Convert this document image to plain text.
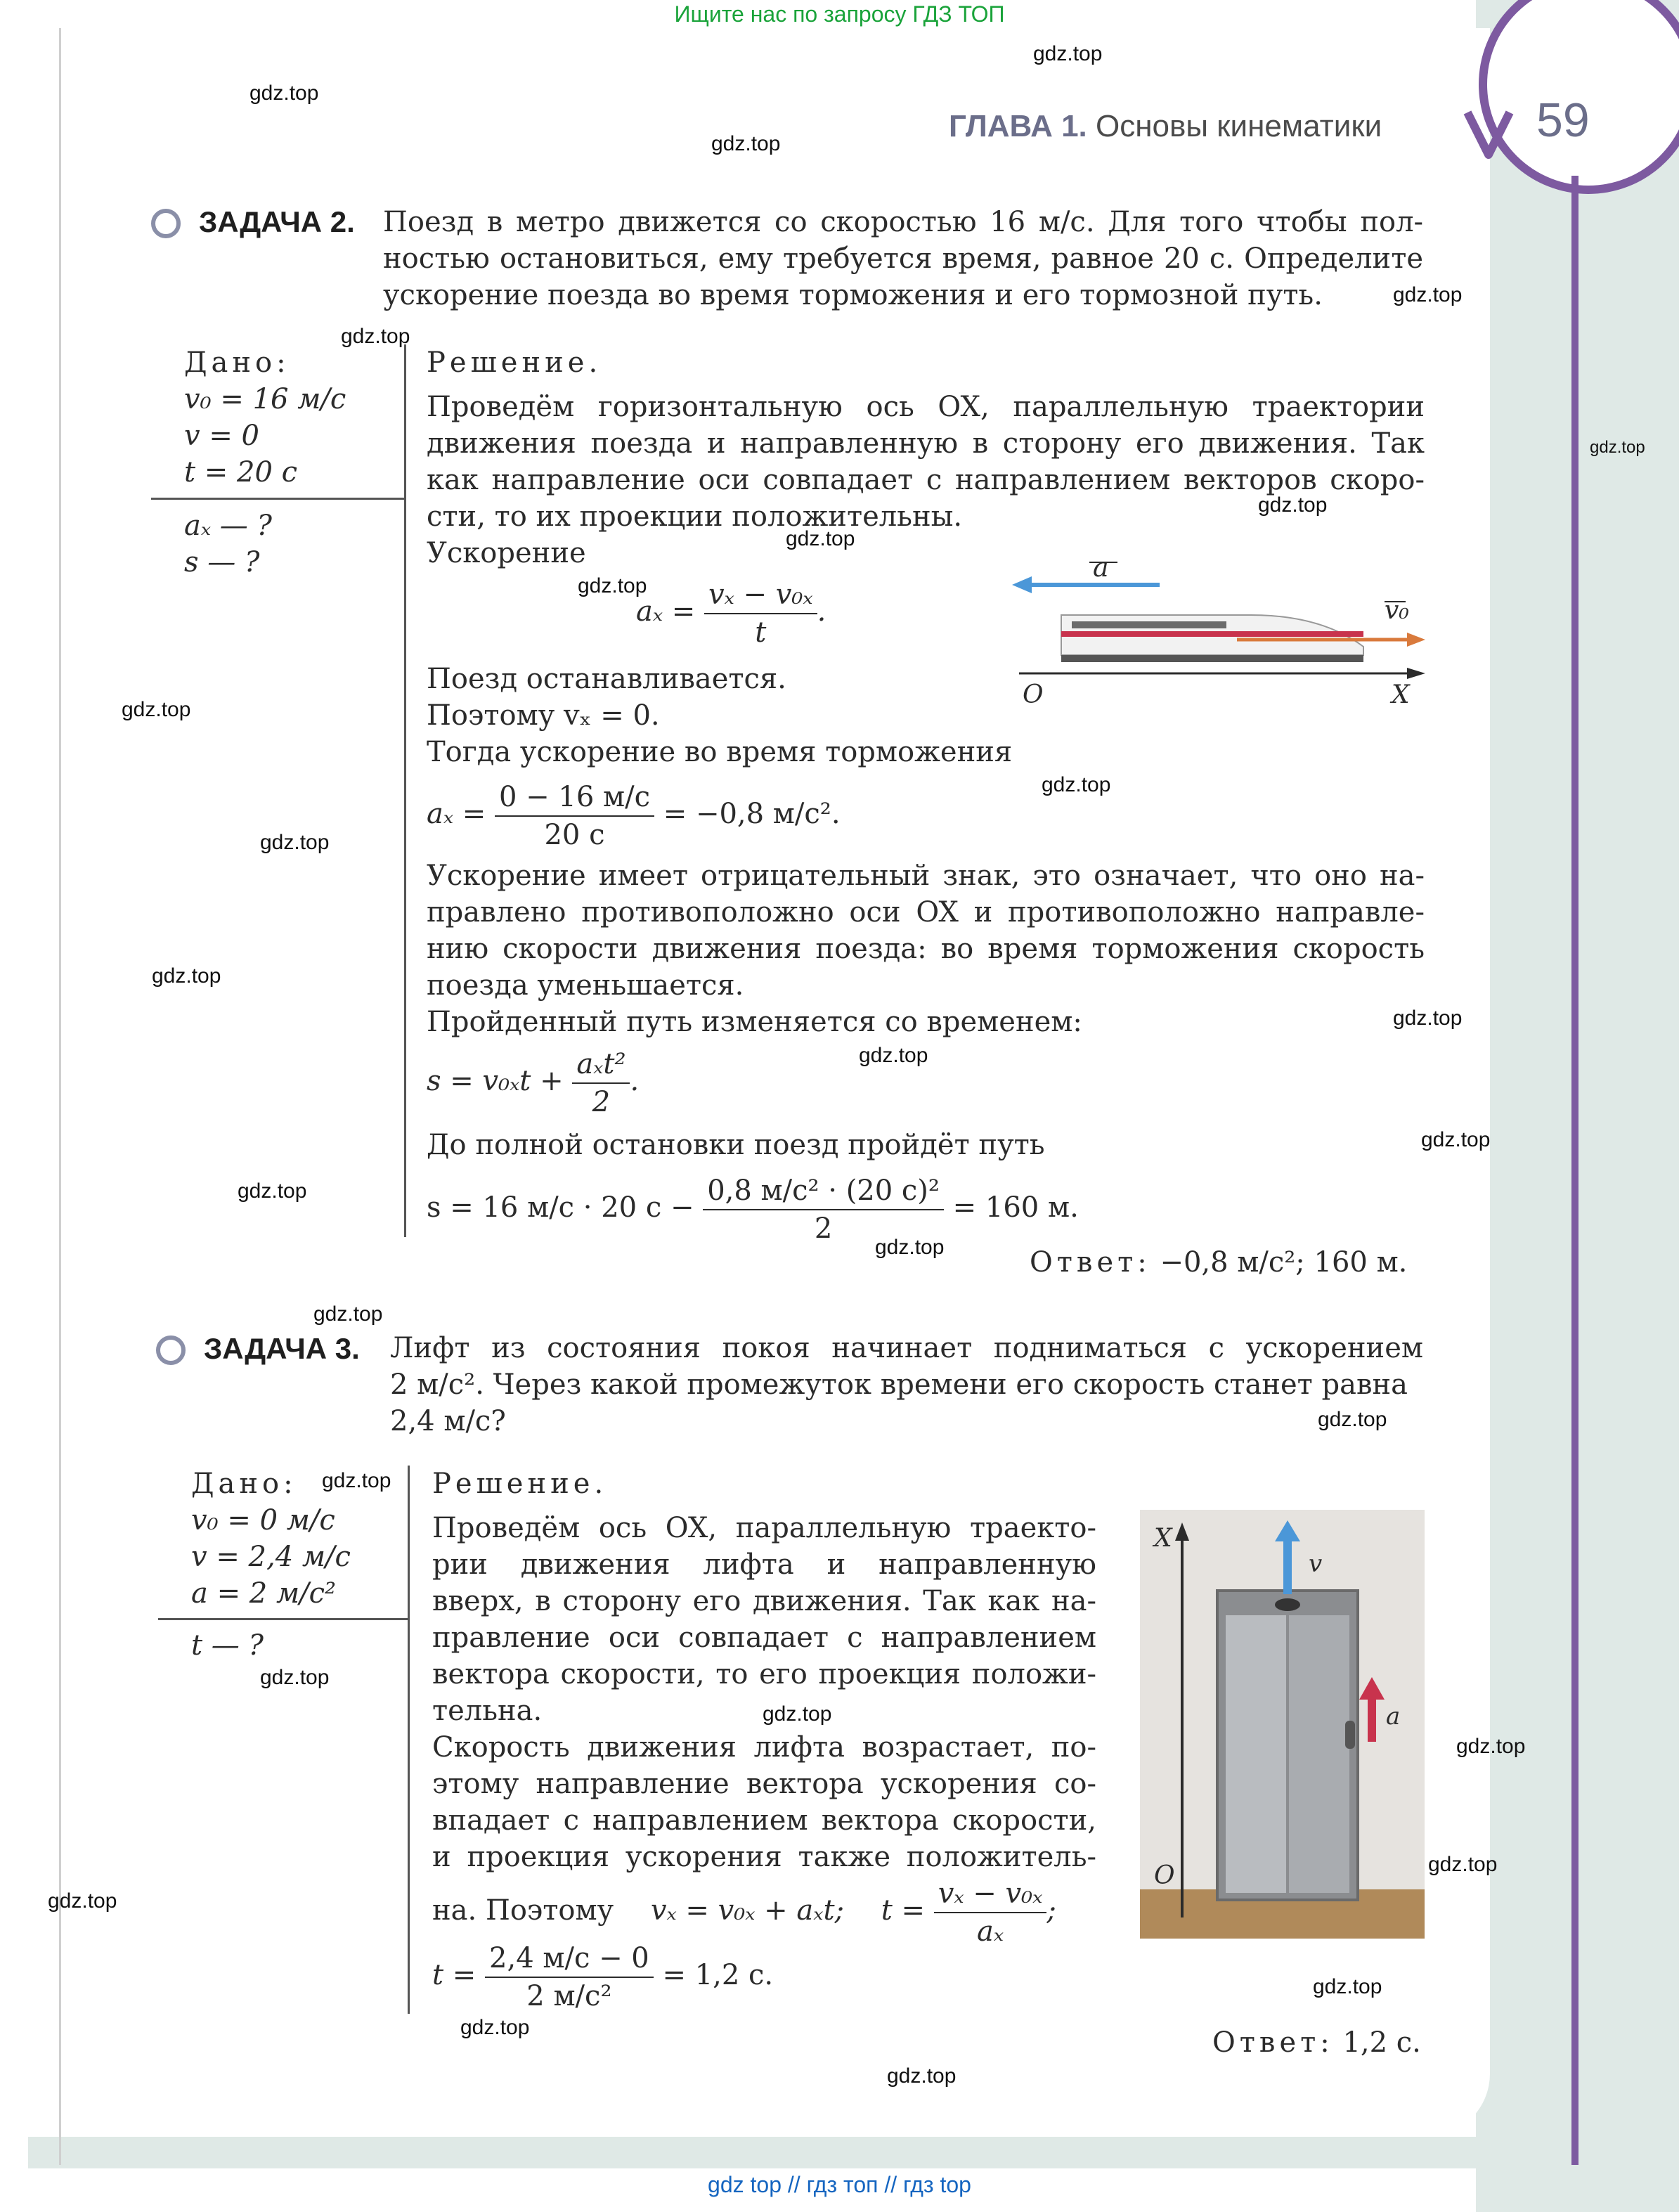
59
Ищите нас по запросу ГДЗ ТОП
gdz top // гдз топ // гдз top
ГЛАВА 1. Основы кинематики
ЗАДАЧА 2. Поезд в метро движется со скоростью 16 м/с. Для того чтобы пол-
ностью остановиться, ему требуется время, равное 20 с. Определите
ускорение поезда во время торможения и его тормозной путь.
Дано:
v₀ = 16 м/с
v = 0
t = 20 с
aₓ — ?
s — ?
Решение.
Проведём горизонтальную ось OX, параллельную траектории
движения поезда и направленную в сторону его движения. Так
как направление оси совпадает с направлением векторов скоро-
сти, то их проекции положительны.
Ускорение
$a_x = \frac{\text{vₓ − v₀ₓ}}{t}$ .
a
v₀
O	X
Поезд останавливается.
Поэтому vₓ = 0.
Тогда ускорение во время торможения
$a_x = \frac{0 - 16 м/с}{20 с} = -0,8$ м/с².
Ускорение имеет отрицательный знак, это означает, что оно на-
правлено противоположно оси OX и противоположно направле-
нию скорости движения поезда: во время торможения скорость
поезда уменьшается.
Пройденный путь изменяется со временем:
$s = v_{0x}t + \frac{\text{aₓt²}}{2}$ .
До полной остановки поезд пройдёт путь
s = 16 м/с · 20 $с - \frac{\text{0,8 м/с² · (20 с)²}}{2} = 160$ м.
Ответ: −0,8 м/с²; 160 м.
ЗАДАЧА 3. Лифт из состояния покоя начинает подниматься с ускорением
2 м/с². Через какой промежуток времени его скорость станет равна
2,4 м/с?
Дано:
v₀ = 0 м/с
v = 2,4 м/с
a = 2 м/с²
t — ?
Решение.
Проведём ось OX, параллельную траекто-
рии движения лифта и направленную
вверх, в сторону его движения. Так как на-
правление оси совпадает с направлением
вектора скорости, то его проекция положи-
тельна.
Скорость движения лифта возрастает, по-
этому направление вектора ускорения со-
впадает с направлением вектора скорости,
и проекция ускорения также положитель-
на. Поэтому vₓ = v₀ₓ + aₓt; $t = \frac{\text{vₓ − v₀ₓ}}{\text{aₓ}}$ ;
$t = \frac{2,4 м/с - 0}{\text{2 м/с²}} = 1,2$ с.
X
O
v
a
Ответ: 1,2 с.
gdz.top
gdz.top
gdz.top
gdz.top
gdz.top
gdz.top
gdz.top
gdz.top
gdz.top
gdz.top
gdz.top
gdz.top
gdz.top
gdz.top
gdz.top
gdz.top
gdz.top
gdz.top
gdz.top
gdz.top
gdz.top
gdz.top
gdz.top
gdz.top
gdz.top
gdz.top
gdz.top
gdz.top
gdz.top
